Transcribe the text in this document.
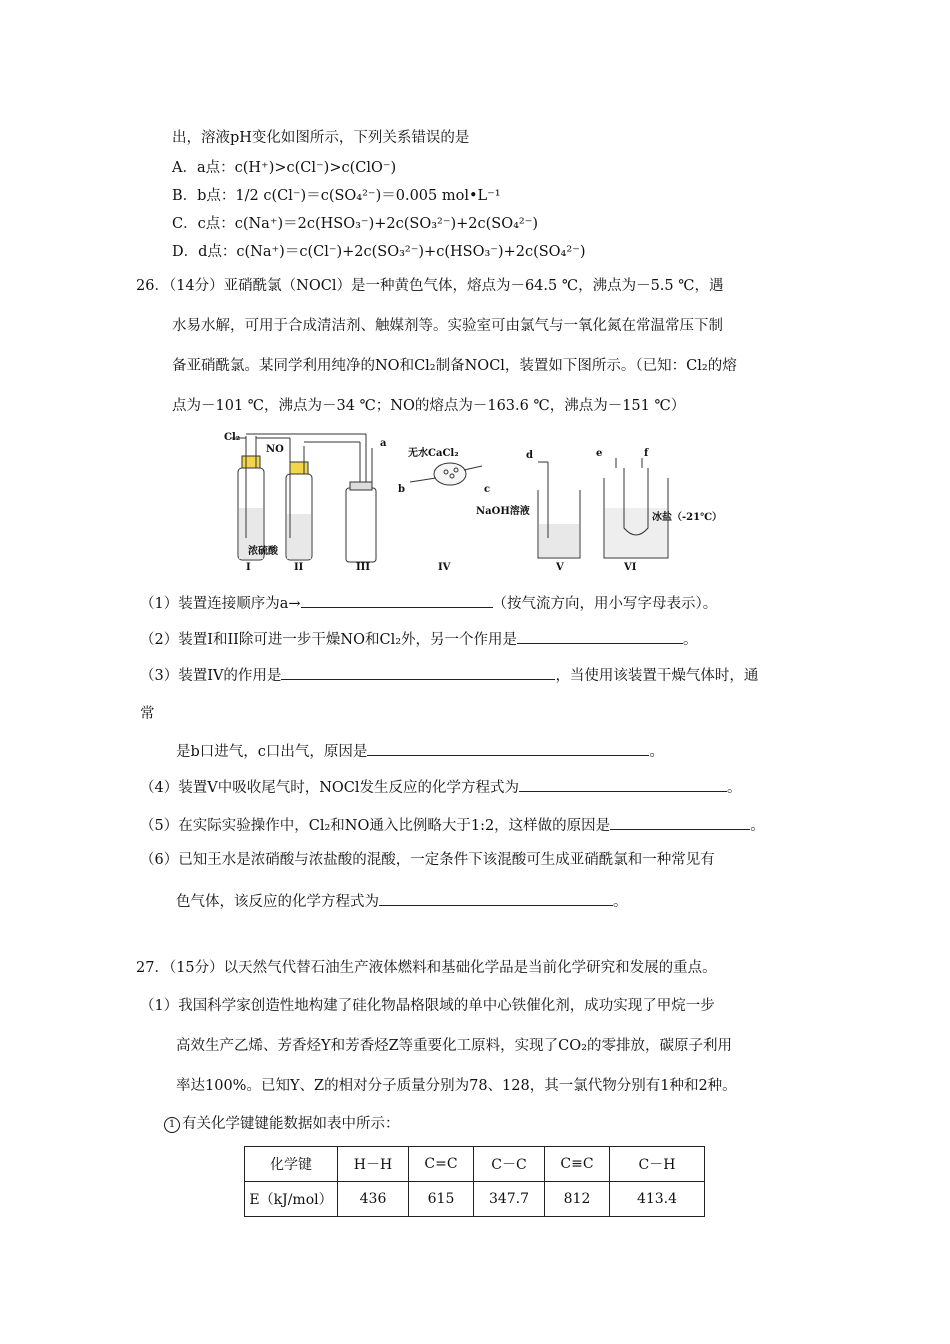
出，溶液pH变化如图所示，下列关系错误的是
A．a点：c(H⁺)>c(Cl⁻)>c(ClO⁻)
B．b点：1/2 c(Cl⁻)＝c(SO₄²⁻)＝0.005 mol•L⁻¹
C．c点：c(Na⁺)＝2c(HSO₃⁻)+2c(SO₃²⁻)+2c(SO₄²⁻)
D．d点：c(Na⁺)＝c(Cl⁻)+2c(SO₃²⁻)+c(HSO₃⁻)+2c(SO₄²⁻)
26．（14分）亚硝酰氯（NOCl）是一种黄色气体，熔点为－64.5 ℃，沸点为－5.5 ℃，遇
水易水解，可用于合成清洁剂、触媒剂等。实验室可由氯气与一氧化氮在常温常压下制
备亚硝酰氯。某同学利用纯净的NO和Cl₂制备NOCl，装置如下图所示。（已知：Cl₂的熔
点为－101 ℃，沸点为－34 ℃；NO的熔点为－163.6 ℃，沸点为－151 ℃）
Cl₂
NO
浓硫酸
无水CaCl₂
NaOH溶液
冰盐（-21℃）
a
b	c
d	e	f
I	II	III	IV	V	VI
（1）装置连接顺序为a→	（按气流方向，用小写字母表示）。
（2）装置I和II除可进一步干燥NO和Cl₂外，另一个作用是	。
（3）装置IV的作用是	，当使用该装置干燥气体时，通
常
是b口进气，c口出气，原因是	。
（4）装置V中吸收尾气时，NOCl发生反应的化学方程式为	。
（5）在实际实验操作中，Cl₂和NO通入比例略大于1:2，这样做的原因是	。
（6）已知王水是浓硝酸与浓盐酸的混酸，一定条件下该混酸可生成亚硝酰氯和一种常见有
色气体，该反应的化学方程式为	。
27．（15分）以天然气代替石油生产液体燃料和基础化学品是当前化学研究和发展的重点。
（1）我国科学家创造性地构建了硅化物晶格限域的单中心铁催化剂，成功实现了甲烷一步
高效生产乙烯、芳香烃Y和芳香烃Z等重要化工原料，实现了CO₂的零排放，碳原子利用
率达100%。已知Y、Z的相对分子质量分别为78、128，其一氯代物分别有1种和2种。
1 有关化学键键能数据如表中所示：
化学键	H－H	C=C	C－C	C≡C	C－H
E（kJ/mol）	436	615	347.7	812	413.4
